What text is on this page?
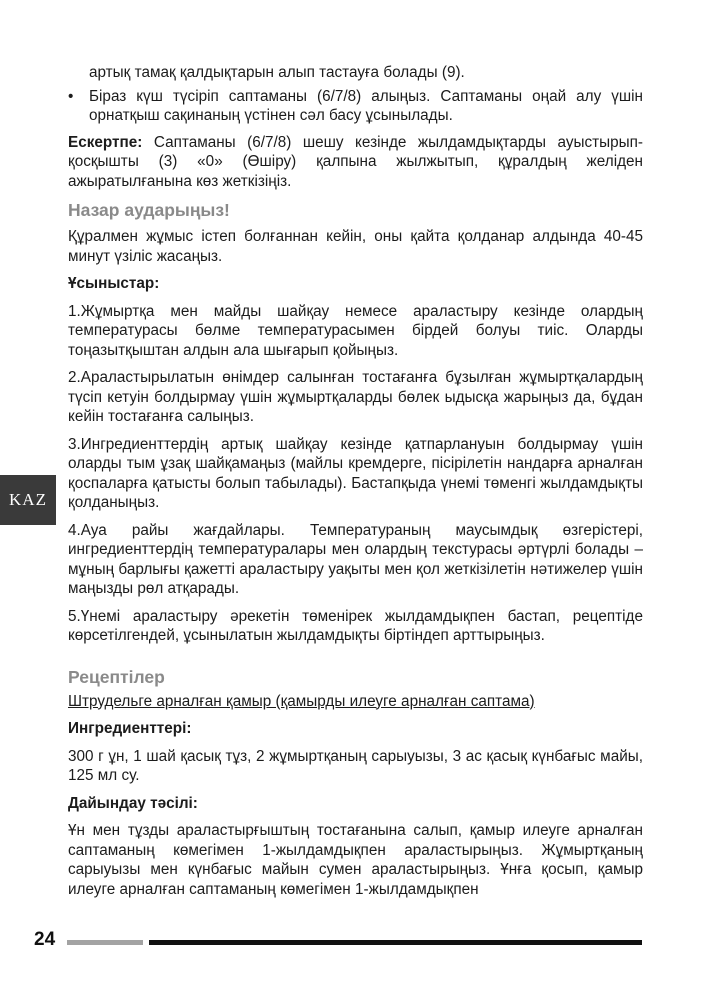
KAZ

артық тамақ қалдықтарын алып тастауға болады (9).

• Біраз күш түсіріп саптаманы (6/7/8) алыңыз. Саптаманы оңай алу үшін орнатқыш сақинаның үстінен сәл басу ұсынылады.

Ескертпе: Саптаманы (6/7/8) шешу кезінде жылдамдықтарды ауыстырып-қосқышты (3) «0» (Өшіру) қалпына жылжытып, құралдың желіден ажыратылғанына көз жеткізіңіз.

Назар аударыңыз!

Құралмен жұмыс істеп болғаннан кейін, оны қайта қолданар алдында 40-45 минут үзіліс жасаңыз.

Ұсыныстар:

1.Жұмыртқа мен майды шайқау немесе араластыру кезінде олардың температурасы бөлме температурасымен бірдей болуы тиіс. Оларды тоңазытқыштан алдын ала шығарып қойыңыз.

2.Араластырылатын өнімдер салынған тостағанға бұзылған жұмыртқалардың түсіп кетуін болдырмау үшін жұмыртқаларды бөлек ыдысқа жарыңыз да, бұдан кейін тостағанға салыңыз.

3.Ингредиенттердің артық шайқау кезінде қатпарлануын болдырмау үшін оларды тым ұзақ шайқамаңыз (майлы кремдерге, пісірілетін нандарға арналған қоспаларға қатысты болып табылады). Бастапқыда үнемі төменгі жылдамдықты қолданыңыз.

4.Ауа райы жағдайлары. Температураның маусымдық өзгерістері, ингредиенттердің температуралары мен олардың текстурасы әртүрлі болады – мұның барлығы қажетті араластыру уақыты мен қол жеткізілетін нәтижелер үшін маңызды рөл атқарады.

5.Үнемі араластыру әрекетін төменірек жылдамдықпен бастап, рецептіде көрсетілгендей, ұсынылатын жылдамдықты біртіндеп арттырыңыз.

Рецептілер

Штрудельге арналған қамыр (қамырды илеуге арналған саптама)

Ингредиенттері:

300 г ұн, 1 шай қасық тұз, 2 жұмыртқаның сарыуызы, 3 ас қасық күнбағыс майы, 125 мл су.

Дайындау тәсілі:

Ұн мен тұзды араластырғыштың тостағанына салып, қамыр илеуге арналған саптаманың көмегімен 1-жылдамдықпен араластырыңыз. Жұмыртқаның сарыуызы мен күнбағыс майын сумен араластырыңыз. Ұнға қосып, қамыр илеуге арналған саптаманың көмегімен 1-жылдамдықпен

24
